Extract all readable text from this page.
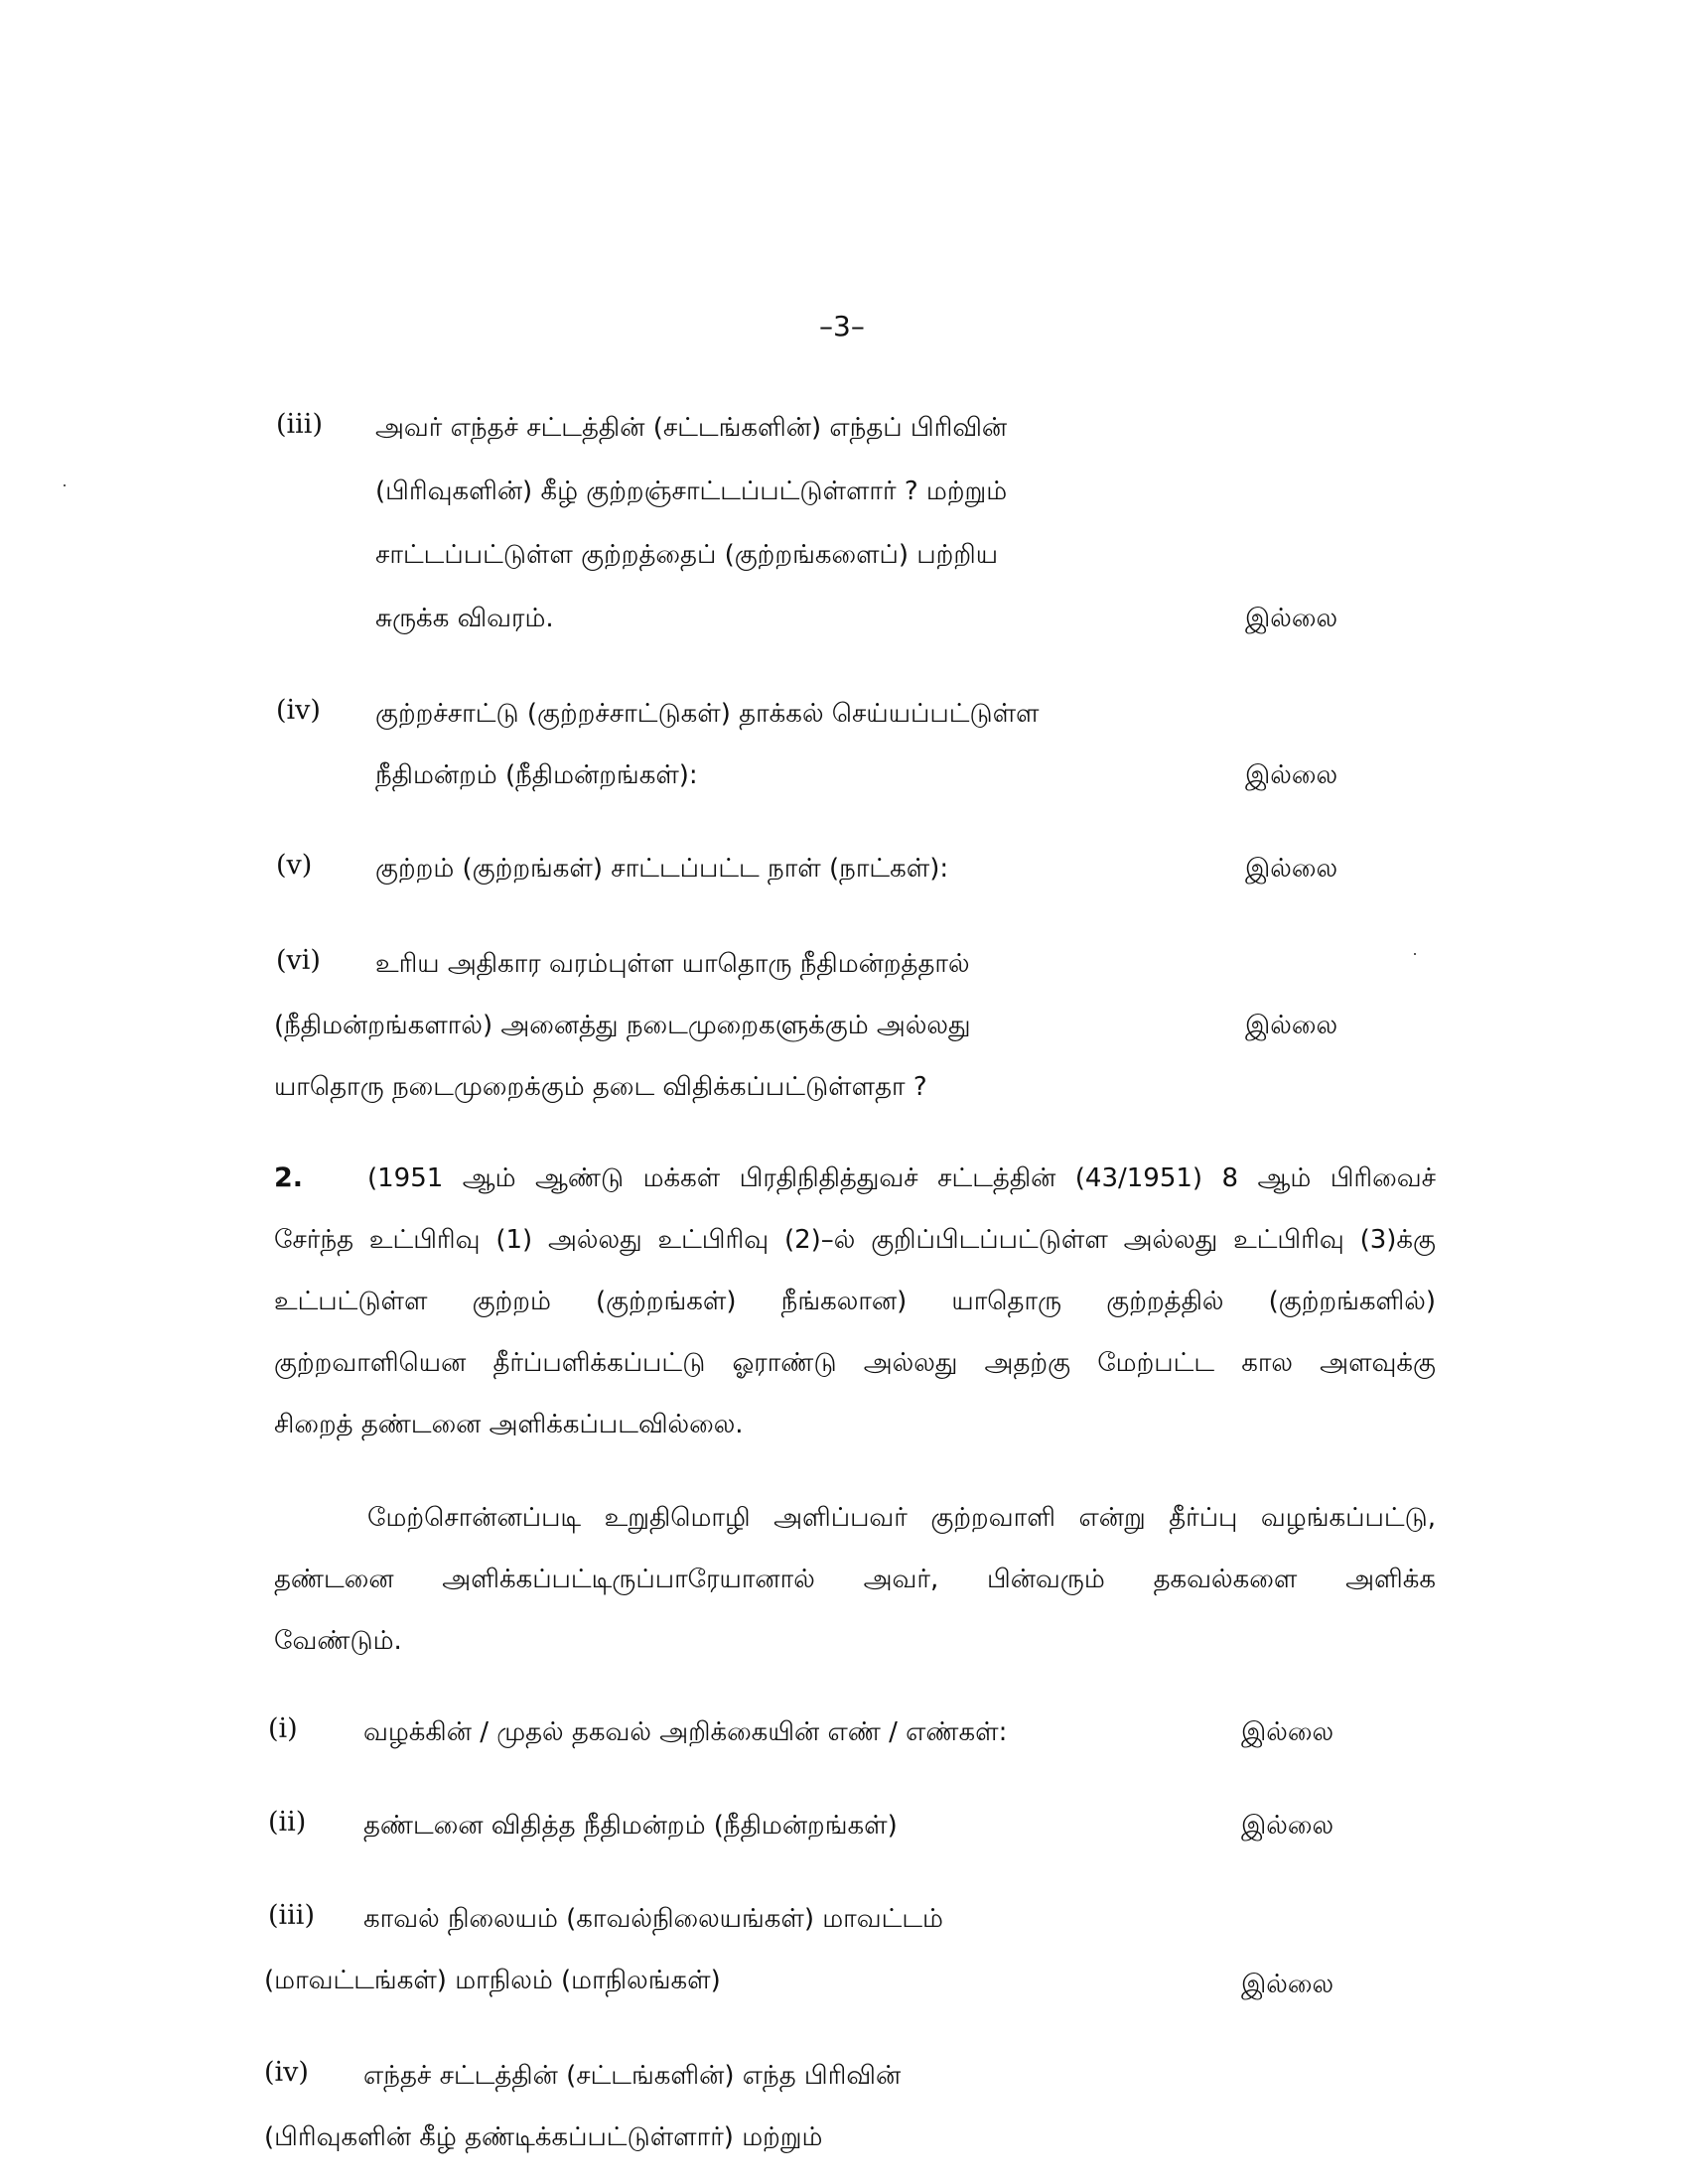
–3–
(iii) அவர் எந்தச் சட்டத்தின் (சட்டங்களின்) எந்தப் பிரிவின்
(பிரிவுகளின்) கீழ் குற்றஞ்சாட்டப்பட்டுள்ளார் ? மற்றும்
சாட்டப்பட்டுள்ள குற்றத்தைப் (குற்றங்களைப்) பற்றிய
சுருக்க விவரம்.	இல்லை
(iv) குற்றச்சாட்டு (குற்றச்சாட்டுகள்) தாக்கல் செய்யப்பட்டுள்ள
நீதிமன்றம் (நீதிமன்றங்கள்):	இல்லை
(v) குற்றம் (குற்றங்கள்) சாட்டப்பட்ட நாள் (நாட்கள்):	இல்லை
(vi) உரிய அதிகார வரம்புள்ள யாதொரு நீதிமன்றத்தால்
(நீதிமன்றங்களால்) அனைத்து நடைமுறைகளுக்கும் அல்லது	இல்லை
யாதொரு நடைமுறைக்கும் தடை விதிக்கப்பட்டுள்ளதா ?
2. (1951 ஆம் ஆண்டு மக்கள் பிரதிநிதித்துவச் சட்டத்தின் (43/1951) 8 ஆம் பிரிவைச்
சேர்ந்த உட்பிரிவு (1) அல்லது உட்பிரிவு (2)–ல் குறிப்பிடப்பட்டுள்ள அல்லது உட்பிரிவு (3)க்கு
உட்பட்டுள்ள குற்றம் (குற்றங்கள்) நீங்கலான) யாதொரு குற்றத்தில் (குற்றங்களில்)
குற்றவாளியென தீர்ப்பளிக்கப்பட்டு ஓராண்டு அல்லது அதற்கு மேற்பட்ட கால அளவுக்கு
சிறைத் தண்டனை அளிக்கப்படவில்லை.
மேற்சொன்னப்படி உறுதிமொழி அளிப்பவர் குற்றவாளி என்று தீர்ப்பு வழங்கப்பட்டு,
தண்டனை அளிக்கப்பட்டிருப்பாரேயானால் அவர், பின்வரும் தகவல்களை அளிக்க
வேண்டும்.
(i)	வழக்கின் / முதல் தகவல் அறிக்கையின் எண் / எண்கள்:	இல்லை
(ii) தண்டனை விதித்த நீதிமன்றம் (நீதிமன்றங்கள்)	இல்லை
(iii) காவல் நிலையம் (காவல்நிலையங்கள்) மாவட்டம்
(மாவட்டங்கள்) மாநிலம் (மாநிலங்கள்)	இல்லை
(iv) எந்தச் சட்டத்தின் (சட்டங்களின்) எந்த பிரிவின்
(பிரிவுகளின் கீழ் தண்டிக்கப்பட்டுள்ளார்) மற்றும்
